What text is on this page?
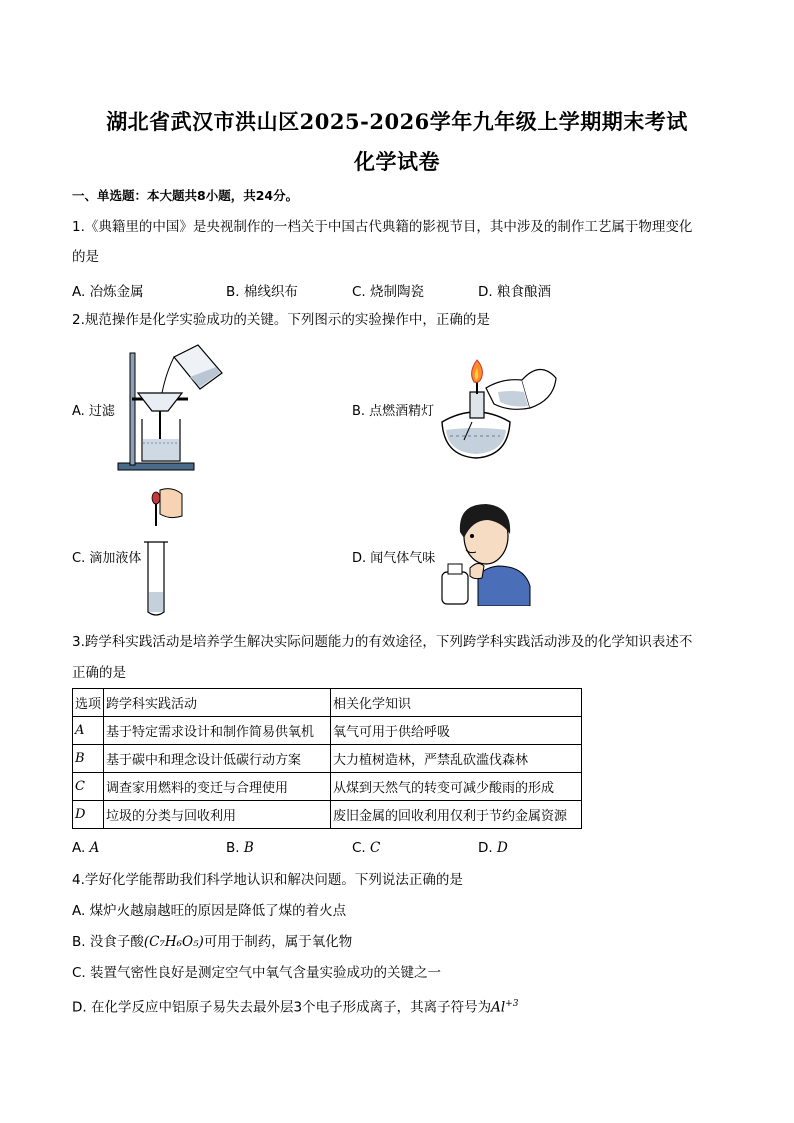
湖北省武汉市洪山区2025-2026学年九年级上学期期末考试
化学试卷
一、单选题：本大题共8小题，共24分。
1.《典籍里的中国》是央视制作的一档关于中国古代典籍的影视节目，其中涉及的制作工艺属于物理变化
的是
A. 冶炼金属	B. 棉线织布	C. 烧制陶瓷	D. 粮食酿酒
2.规范操作是化学实验成功的关键。下列图示的实验操作中，正确的是
A. 过滤	B. 点燃酒精灯
C. 滴加液体	D. 闻气体气味
3.跨学科实践活动是培养学生解决实际问题能力的有效途径，下列跨学科实践活动涉及的化学知识表述不
正确的是
选项	跨学科实践活动	相关化学知识
A	基于特定需求设计和制作简易供氧机	氧气可用于供给呼吸
B	基于碳中和理念设计低碳行动方案	大力植树造林，严禁乱砍滥伐森林
C	调查家用燃料的变迁与合理使用	从煤到天然气的转变可减少酸雨的形成
D	垃圾的分类与回收利用	废旧金属的回收利用仅利于节约金属资源
A. A	B. B	C. C	D. D
4.学好化学能帮助我们科学地认识和解决问题。下列说法正确的是
A. 煤炉火越扇越旺的原因是降低了煤的着火点
B. 没食子酸(C₇H₆O₅)可用于制药，属于氧化物
C. 装置气密性良好是测定空气中氧气含量实验成功的关键之一
D. 在化学反应中铝原子易失去最外层3个电子形成离子，其离子符号为$Al^{+3}$
